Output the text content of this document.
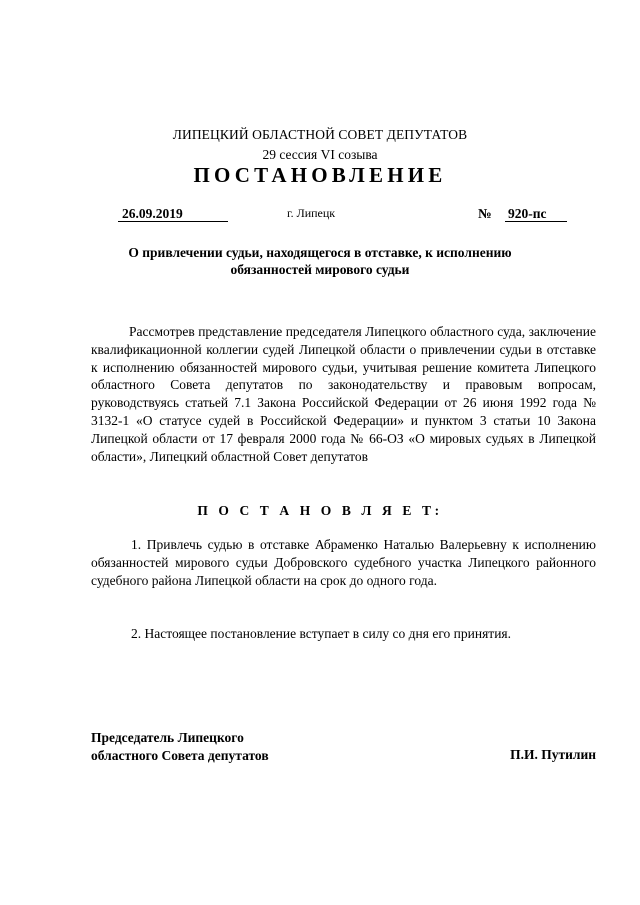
ЛИПЕЦКИЙ ОБЛАСТНОЙ СОВЕТ ДЕПУТАТОВ
29 сессия VI созыва
ПОСТАНОВЛЕНИЕ
26.09.2019	г. Липецк	№ 920-пс
О привлечении судьи, находящегося в отставке, к исполнению обязанностей мирового судьи
Рассмотрев представление председателя Липецкого областного суда, заключение квалификационной коллегии судей Липецкой области о привлечении судьи в отставке к исполнению обязанностей мирового судьи, учитывая решение комитета Липецкого областного Совета депутатов по законодательству и правовым вопросам, руководствуясь статьей 7.1 Закона Российской Федерации от 26 июня 1992 года № 3132-1 «О статусе судей в Российской Федерации» и пунктом 3 статьи 10 Закона Липецкой области от 17 февраля 2000 года № 66-ОЗ «О мировых судьях в Липецкой области», Липецкий областной Совет депутатов
П О С Т А Н О В Л Я Е Т:
1. Привлечь судью в отставке Абраменко Наталью Валерьевну к исполнению обязанностей мирового судьи Добровского судебного участка Липецкого районного судебного района Липецкой области на срок до одного года.
2. Настоящее постановление вступает в силу со дня его принятия.
Председатель Липецкого
областного Совета депутатов	П.И. Путилин
